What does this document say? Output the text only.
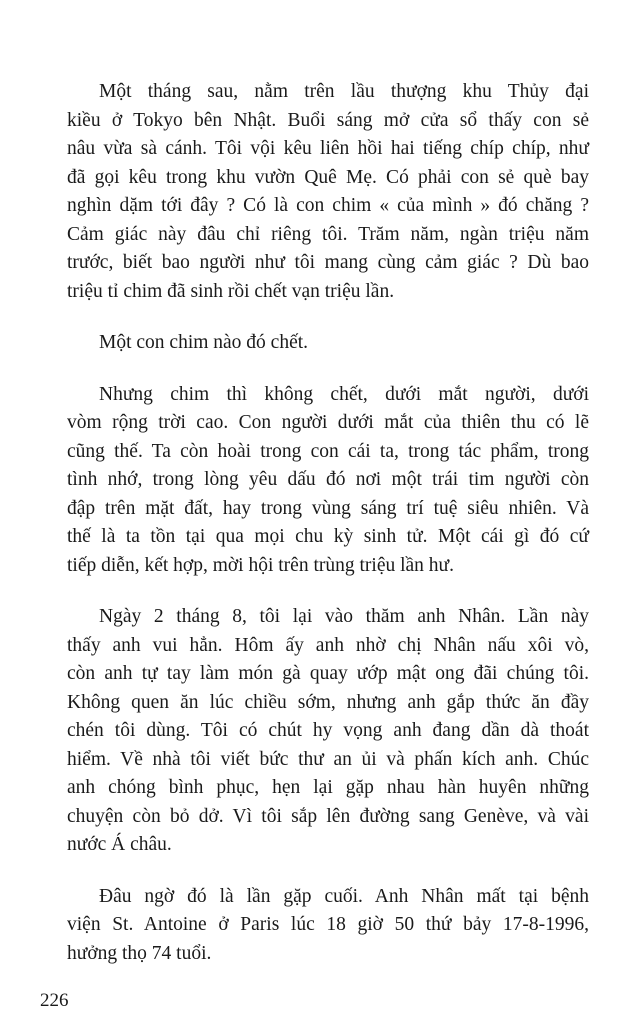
Một tháng sau, nằm trên lầu thượng khu Thủy đại
kiều ở Tokyo bên Nhật. Buổi sáng mở cửa sổ thấy con sẻ
nâu vừa sà cánh. Tôi vội kêu liên hồi hai tiếng chíp chíp, như
đã gọi kêu trong khu vườn Quê Mẹ. Có phải con sẻ què bay
nghìn dặm tới đây ? Có là con chim « của mình » đó chăng ?
Cảm giác này đâu chỉ riêng tôi. Trăm năm, ngàn triệu năm
trước, biết bao người như tôi mang cùng cảm giác ? Dù bao
triệu tỉ chim đã sinh rồi chết vạn triệu lần.

Một con chim nào đó chết.

Nhưng chim thì không chết, dưới mắt người, dưới
vòm rộng trời cao. Con người dưới mắt của thiên thu có lẽ
cũng thế. Ta còn hoài trong con cái ta, trong tác phẩm, trong
tình nhớ, trong lòng yêu dấu đó nơi một trái tim người còn
đập trên mặt đất, hay trong vùng sáng trí tuệ siêu nhiên. Và
thế là ta tồn tại qua mọi chu kỳ sinh tử. Một cái gì đó cứ
tiếp diễn, kết hợp, mời hội trên trùng triệu lần hư.

Ngày 2 tháng 8, tôi lại vào thăm anh Nhân. Lần này
thấy anh vui hẳn. Hôm ấy anh nhờ chị Nhân nấu xôi vò,
còn anh tự tay làm món gà quay ướp mật ong đãi chúng tôi.
Không quen ăn lúc chiều sớm, nhưng anh gắp thức ăn đầy
chén tôi dùng. Tôi có chút hy vọng anh đang dần dà thoát
hiểm. Về nhà tôi viết bức thư an ủi và phấn kích anh. Chúc
anh chóng bình phục, hẹn lại gặp nhau hàn huyên những
chuyện còn bỏ dở. Vì tôi sắp lên đường sang Genève, và vài
nước Á châu.

Đâu ngờ đó là lần gặp cuối. Anh Nhân mất tại bệnh
viện St. Antoine ở Paris lúc 18 giờ 50 thứ bảy 17-8-1996,
hưởng thọ 74 tuổi.

226
